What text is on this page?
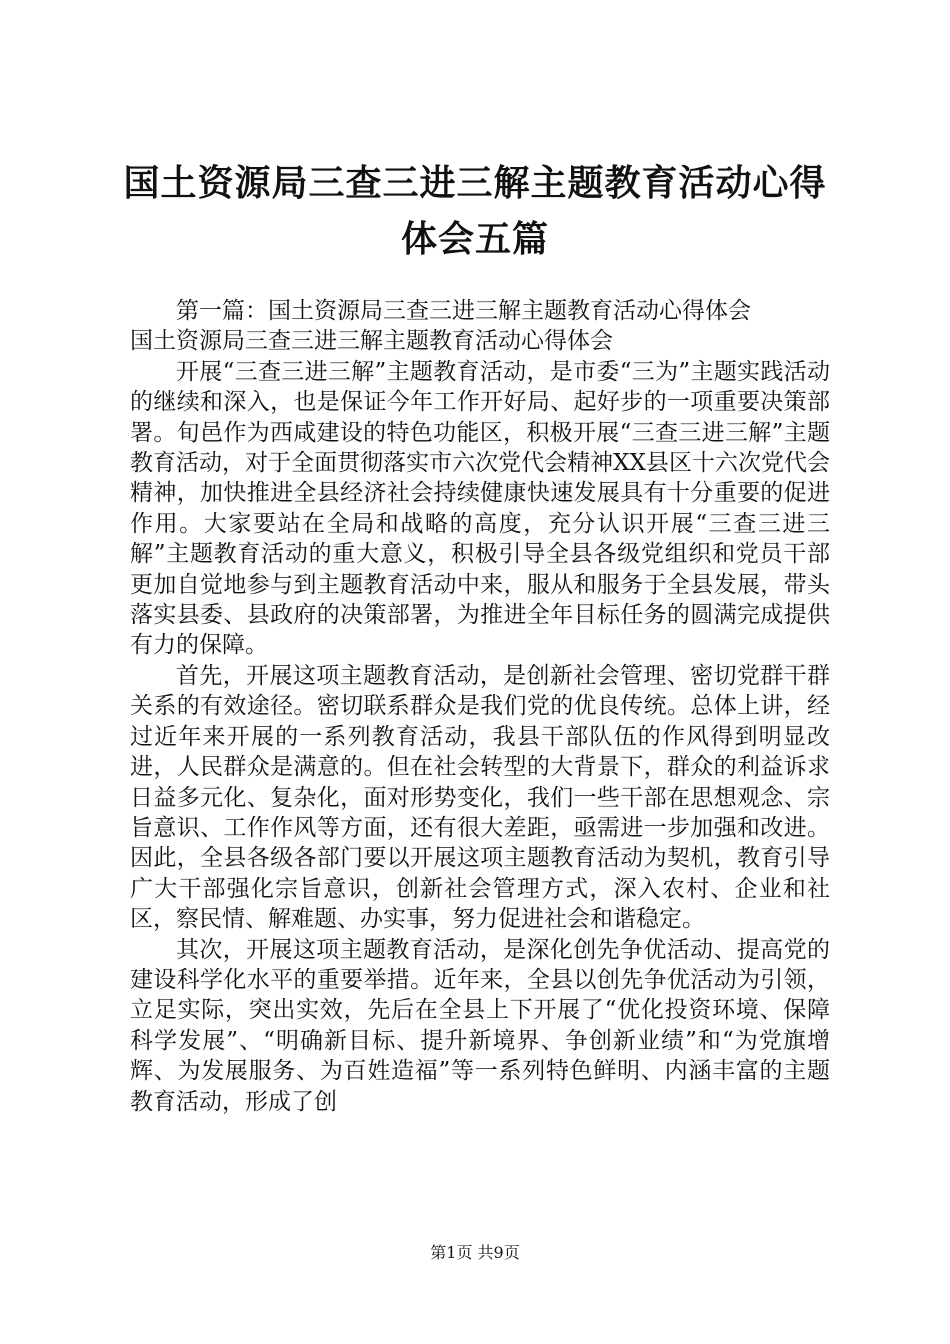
国土资源局三查三进三解主题教育活动心得体会五篇

第一篇：国土资源局三查三进三解主题教育活动心得体会

国土资源局三查三进三解主题教育活动心得体会

开展“三查三进三解”主题教育活动，是市委“三为”主题实践活动的继续和深入，也是保证今年工作开好局、起好步的一项重要决策部署。旬邑作为西咸建设的特色功能区，积极开展“三查三进三解”主题教育活动，对于全面贯彻落实市六次党代会精神XX县区十六次党代会精神，加快推进全县经济社会持续健康快速发展具有十分重要的促进作用。大家要站在全局和战略的高度，充分认识开展“三查三进三解”主题教育活动的重大意义，积极引导全县各级党组织和党员干部更加自觉地参与到主题教育活动中来，服从和服务于全县发展，带头落实县委、县政府的决策部署，为推进全年目标任务的圆满完成提供有力的保障。

首先，开展这项主题教育活动，是创新社会管理、密切党群干群关系的有效途径。密切联系群众是我们党的优良传统。总体上讲，经过近年来开展的一系列教育活动，我县干部队伍的作风得到明显改进，人民群众是满意的。但在社会转型的大背景下，群众的利益诉求日益多元化、复杂化，面对形势变化，我们一些干部在思想观念、宗旨意识、工作作风等方面，还有很大差距，亟需进一步加强和改进。因此，全县各级各部门要以开展这项主题教育活动为契机，教育引导广大干部强化宗旨意识，创新社会管理方式，深入农村、企业和社区，察民情、解难题、办实事，努力促进社会和谐稳定。

其次，开展这项主题教育活动，是深化创先争优活动、提高党的建设科学化水平的重要举措。近年来，全县以创先争优活动为引领，立足实际，突出实效，先后在全县上下开展了“优化投资环境、保障科学发展”、“明确新目标、提升新境界、争创新业绩”和“为党旗增辉、为发展服务、为百姓造福”等一系列特色鲜明、内涵丰富的主题教育活动，形成了创

第1页 共9页
